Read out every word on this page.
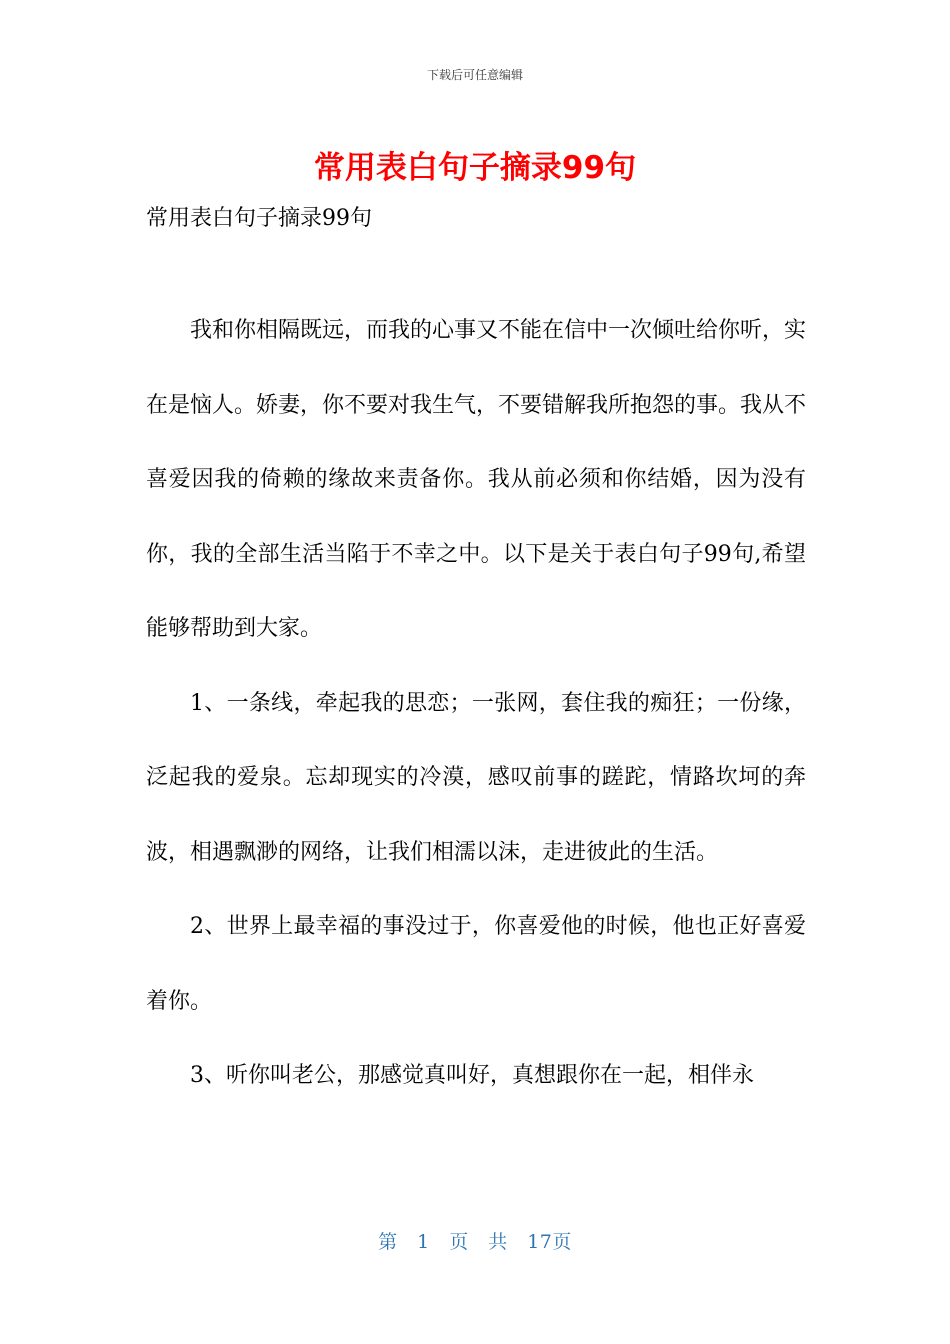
下载后可任意编辑
常用表白句子摘录99句

常用表白句子摘录99句

我和你相隔既远，而我的心事又不能在信中一次倾吐给你听，实在是恼人。娇妻，你不要对我生气，不要错解我所抱怨的事。我从不喜爱因我的倚赖的缘故来责备你。我从前必须和你结婚，因为没有你，我的全部生活当陷于不幸之中。以下是关于表白句子99句,希望能够帮助到大家。

1、一条线，牵起我的思恋；一张网，套住我的痴狂；一份缘，泛起我的爱泉。忘却现实的冷漠，感叹前事的蹉跎，情路坎坷的奔波，相遇飘渺的网络，让我们相濡以沫，走进彼此的生活。

2、世界上最幸福的事没过于，你喜爱他的时候，他也正好喜爱着你。

3、听你叫老公，那感觉真叫好，真想跟你在一起，相伴永

第　1　页　共　17页
